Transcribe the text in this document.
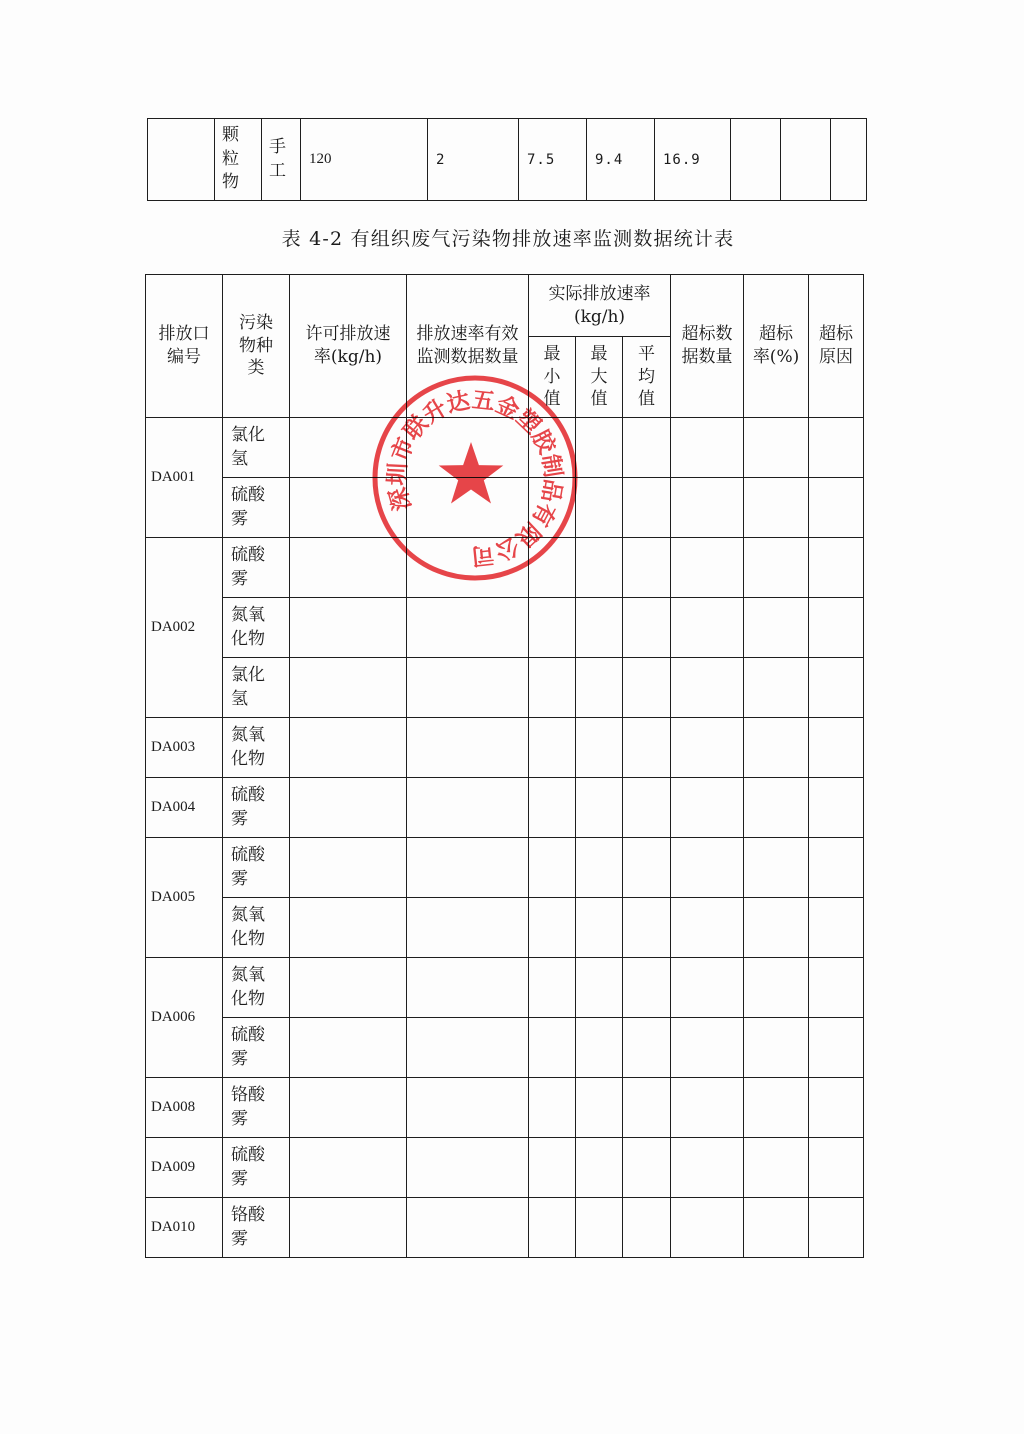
	颗粒物	手工	120	2	7.5	9.4	16.9			
表 4-2 有组织废气污染物排放速率监测数据统计表
排放口编号	污染物种类	许可排放速率(kg/h)	排放速率有效监测数据数量	实际排放速率(kg/h)			超标数据数量	超标率(%)	超标原因
				最小值	最大值	平均值			
DA001	氯化氢								
	硫酸雾								
DA002	硫酸雾								
	氮氧化物								
	氯化氢								
DA003	氮氧化物								
DA004	硫酸雾								
DA005	硫酸雾								
	氮氧化物								
DA006	氮氧化物								
	硫酸雾								
DA008	铬酸雾								
DA009	硫酸雾								
DA010	铬酸雾								
深圳市联升达五金塑胶制品有限公司
